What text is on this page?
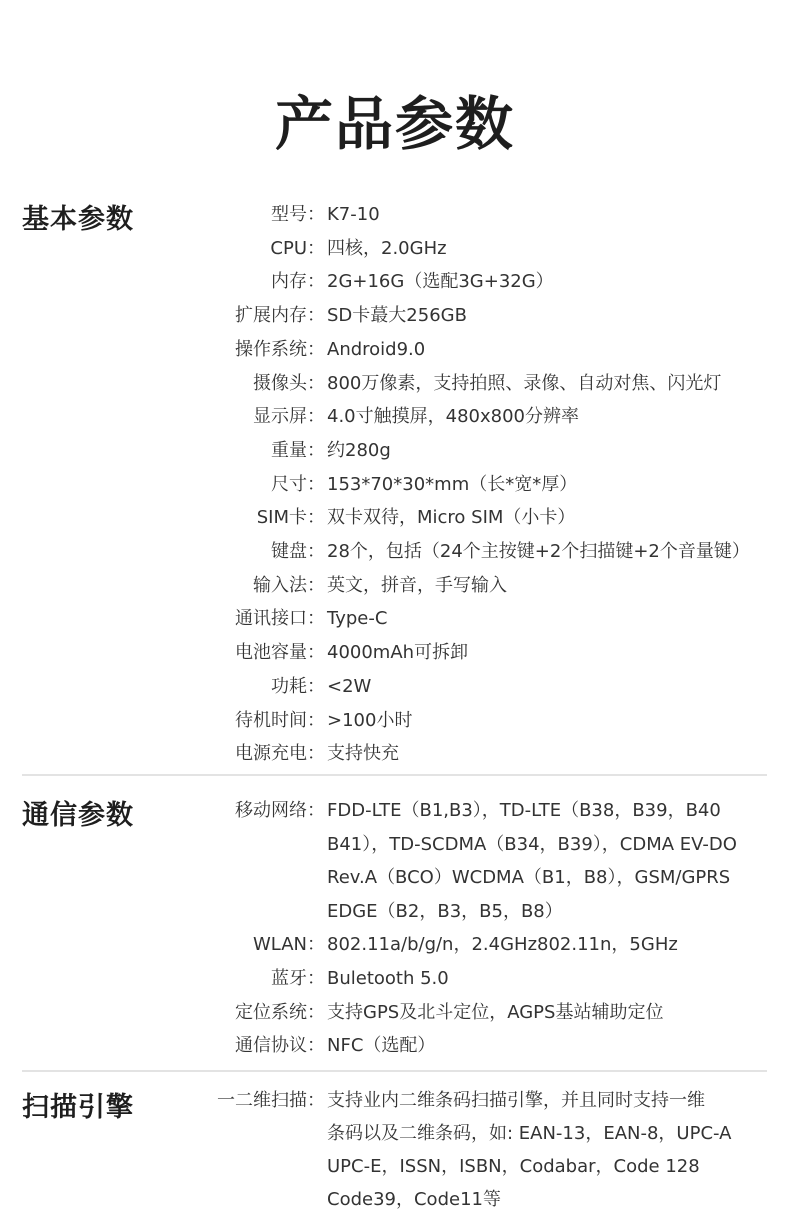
产品参数
基本参数	型号： K7-10
CPU： 四核，2.0GHz
内存： 2G+16G（选配3G+32G）
扩展内存： SD卡蕞大256GB
操作系统： Android9.0
摄像头： 800万像素，支持拍照、录像、自动对焦、闪光灯
显示屏： 4.0寸触摸屏，480x800分辨率
重量： 约280g
尺寸： 153*70*30*mm（长*宽*厚）
SIM卡： 双卡双待，Micro SIM（小卡）
键盘： 28个，包括（24个主按键+2个扫描键+2个音量键）
输入法： 英文，拼音，手写输入
通讯接口： Type-C
电池容量： 4000mAh可拆卸
功耗： <2W
待机时间： >100小时
电源充电： 支持快充
通信参数	移动网络： FDD-LTE（B1,B3），TD-LTE（B38，B39，B40
B41），TD-SCDMA（B34，B39），CDMA EV-DO
Rev.A（BCO）WCDMA（B1，B8），GSM/GPRS
EDGE（B2，B3，B5，B8）
WLAN： 802.11a/b/g/n，2.4GHz802.11n，5GHz
蓝牙： Buletooth 5.0
定位系统： 支持GPS及北斗定位，AGPS基站辅助定位
通信协议： NFC（选配）
扫描引擎	一二维扫描： 支持业内二维条码扫描引擎，并且同时支持一维
条码以及二维条码，如: EAN-13，EAN-8，UPC-A
UPC-E，ISSN，ISBN，Codabar，Code 128
Code39，Code11等
